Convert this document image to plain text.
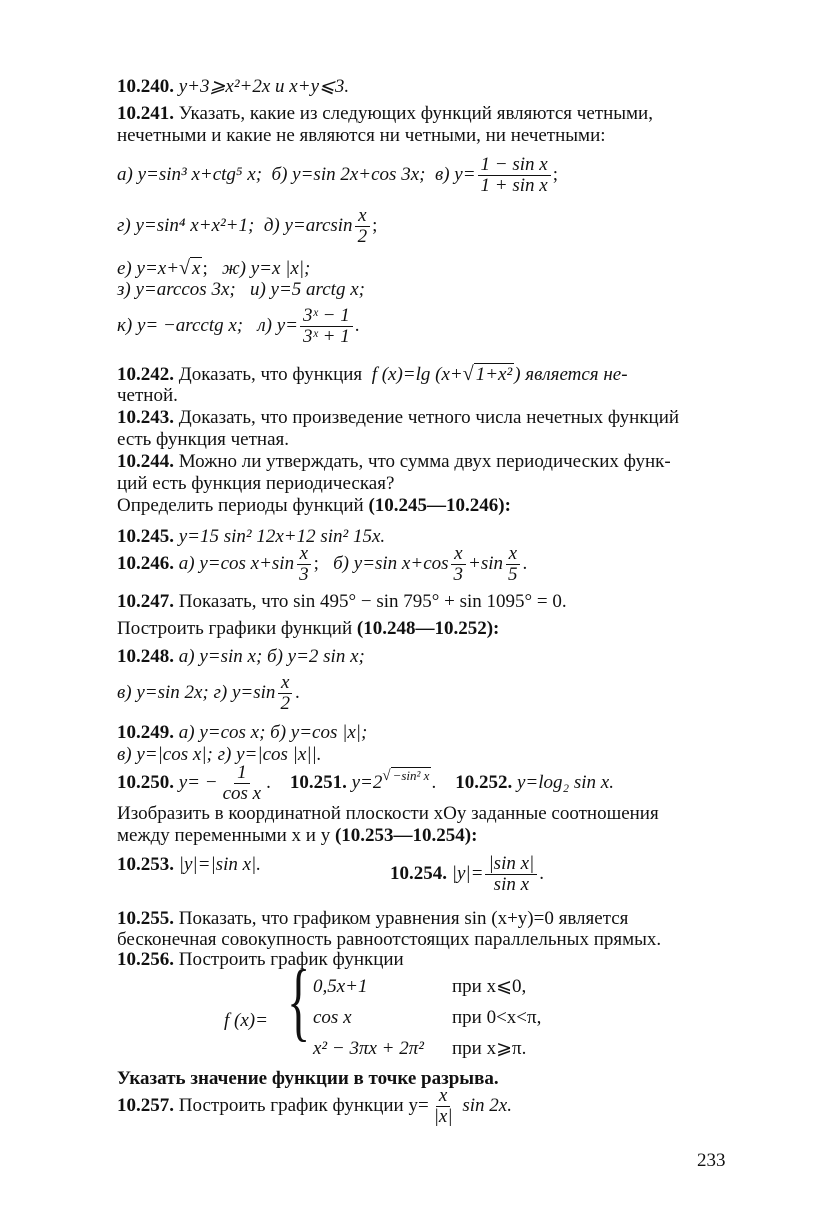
10.240. y+3⩾x²+2x и x+y⩽3.
10.241. Указать, какие из следующих функций являются четными,
нечетными и какие не являются ни четными, ни нечетными:
а) y=sin³ x+ctg⁵ x; б) y=sin 2x+cos 3x; в) $y= \frac{\text{1 − sin x}}{\text{1 + sin x}}$ ;
г) y=sin⁴ x+x²+1; д) $y=\arcsin \frac{x}{2}$ ;
е) y=x+√ x ;   ж) y=x |x|;
з) y=arccos 3x; и) y=5 arctg x;
к) y= −arcctg x; л) $y= \frac{\text{3ˣ − 1}}{\text{3ˣ + 1}}$ .
10.242. Доказать, что функция f (x)=lg (x+√ 1+x² ) является не-
четной.
10.243. Доказать, что произведение четного числа нечетных функций
есть функция четная.
10.244. Можно ли утверждать, что сумма двух периодических функ-
ций есть функция периодическая?
Определить периоды функций (10.245—10.246):
10.245. y=15 sin² 12x+12 sin² 15x.
10.246. а) y=cos $x+\sin \frac{x}{3}$ ;   б) y=sin $x+\cos \frac{x}{3} +\sin \frac{x}{5}$ .
10.247. Показать, что sin 495° − sin 795° + sin 1095° = 0.
Построить графики функций (10.248—10.252):
10.248. а) y=sin x; б) y=2 sin x;
в) y=sin 2x; г) $y=\sin \frac{x}{2}$ .
10.249. а) y=cos x; б) y=cos |x|;
в) y=|cos x|; г) y=|cos |x||.
10.250. $y= - \frac{1}{\text{cos x}}$ .    10.251. $y=2^{√ -sin^2 x}$ .    10.252. y=log₂ sin x.
Изобразить в координатной плоскости xOy заданные соотношения
между переменными x и y (10.253—10.254):
10.253. |y|=|sin x|.	10.254. $|y|= \frac{\text{|sin x|}}{\text{sin x}}$ .
10.255. Показать, что графиком уравнения sin (x+y)=0 является
бесконечная совокупность равноотстоящих параллельных прямых.
10.256. Построить график функции
f (x)= { 0,5x+1	при x⩽0,
cos x	при 0<x<π,
x² − 3πx + 2π² при x⩾π.
Указать значение функции в точке разрыва.
10.257. Построить график функции $y= \frac{x}{|x|}$ sin 2x.
233
